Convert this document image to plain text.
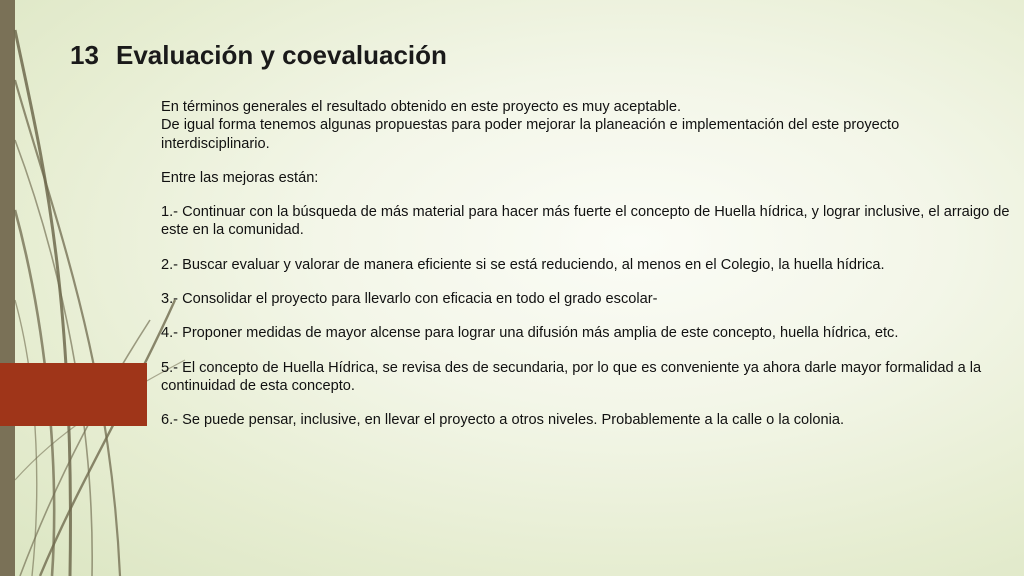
13 Evaluación y coevaluación

En términos generales el resultado obtenido en este proyecto es muy aceptable.

De igual forma tenemos algunas propuestas para poder mejorar la planeación e implementación del este proyecto interdisciplinario.

Entre las mejoras están:

1.- Continuar con la búsqueda de más material para hacer más fuerte el concepto de Huella hídrica, y lograr inclusive, el arraigo de este en la comunidad.

2.- Buscar evaluar y valorar de manera eficiente si se está reduciendo, al menos en el Colegio, la huella hídrica.

3.- Consolidar el proyecto para llevarlo con eficacia en todo el grado escolar-

4.- Proponer medidas de mayor alcense para lograr una difusión más amplia de este concepto, huella hídrica, etc.

5.- El concepto de Huella Hídrica, se revisa des de secundaria, por lo que es conveniente ya ahora darle mayor formalidad a la continuidad de esta concepto.

6.- Se puede pensar, inclusive, en llevar el proyecto a otros niveles. Probablemente a la calle o la colonia.
